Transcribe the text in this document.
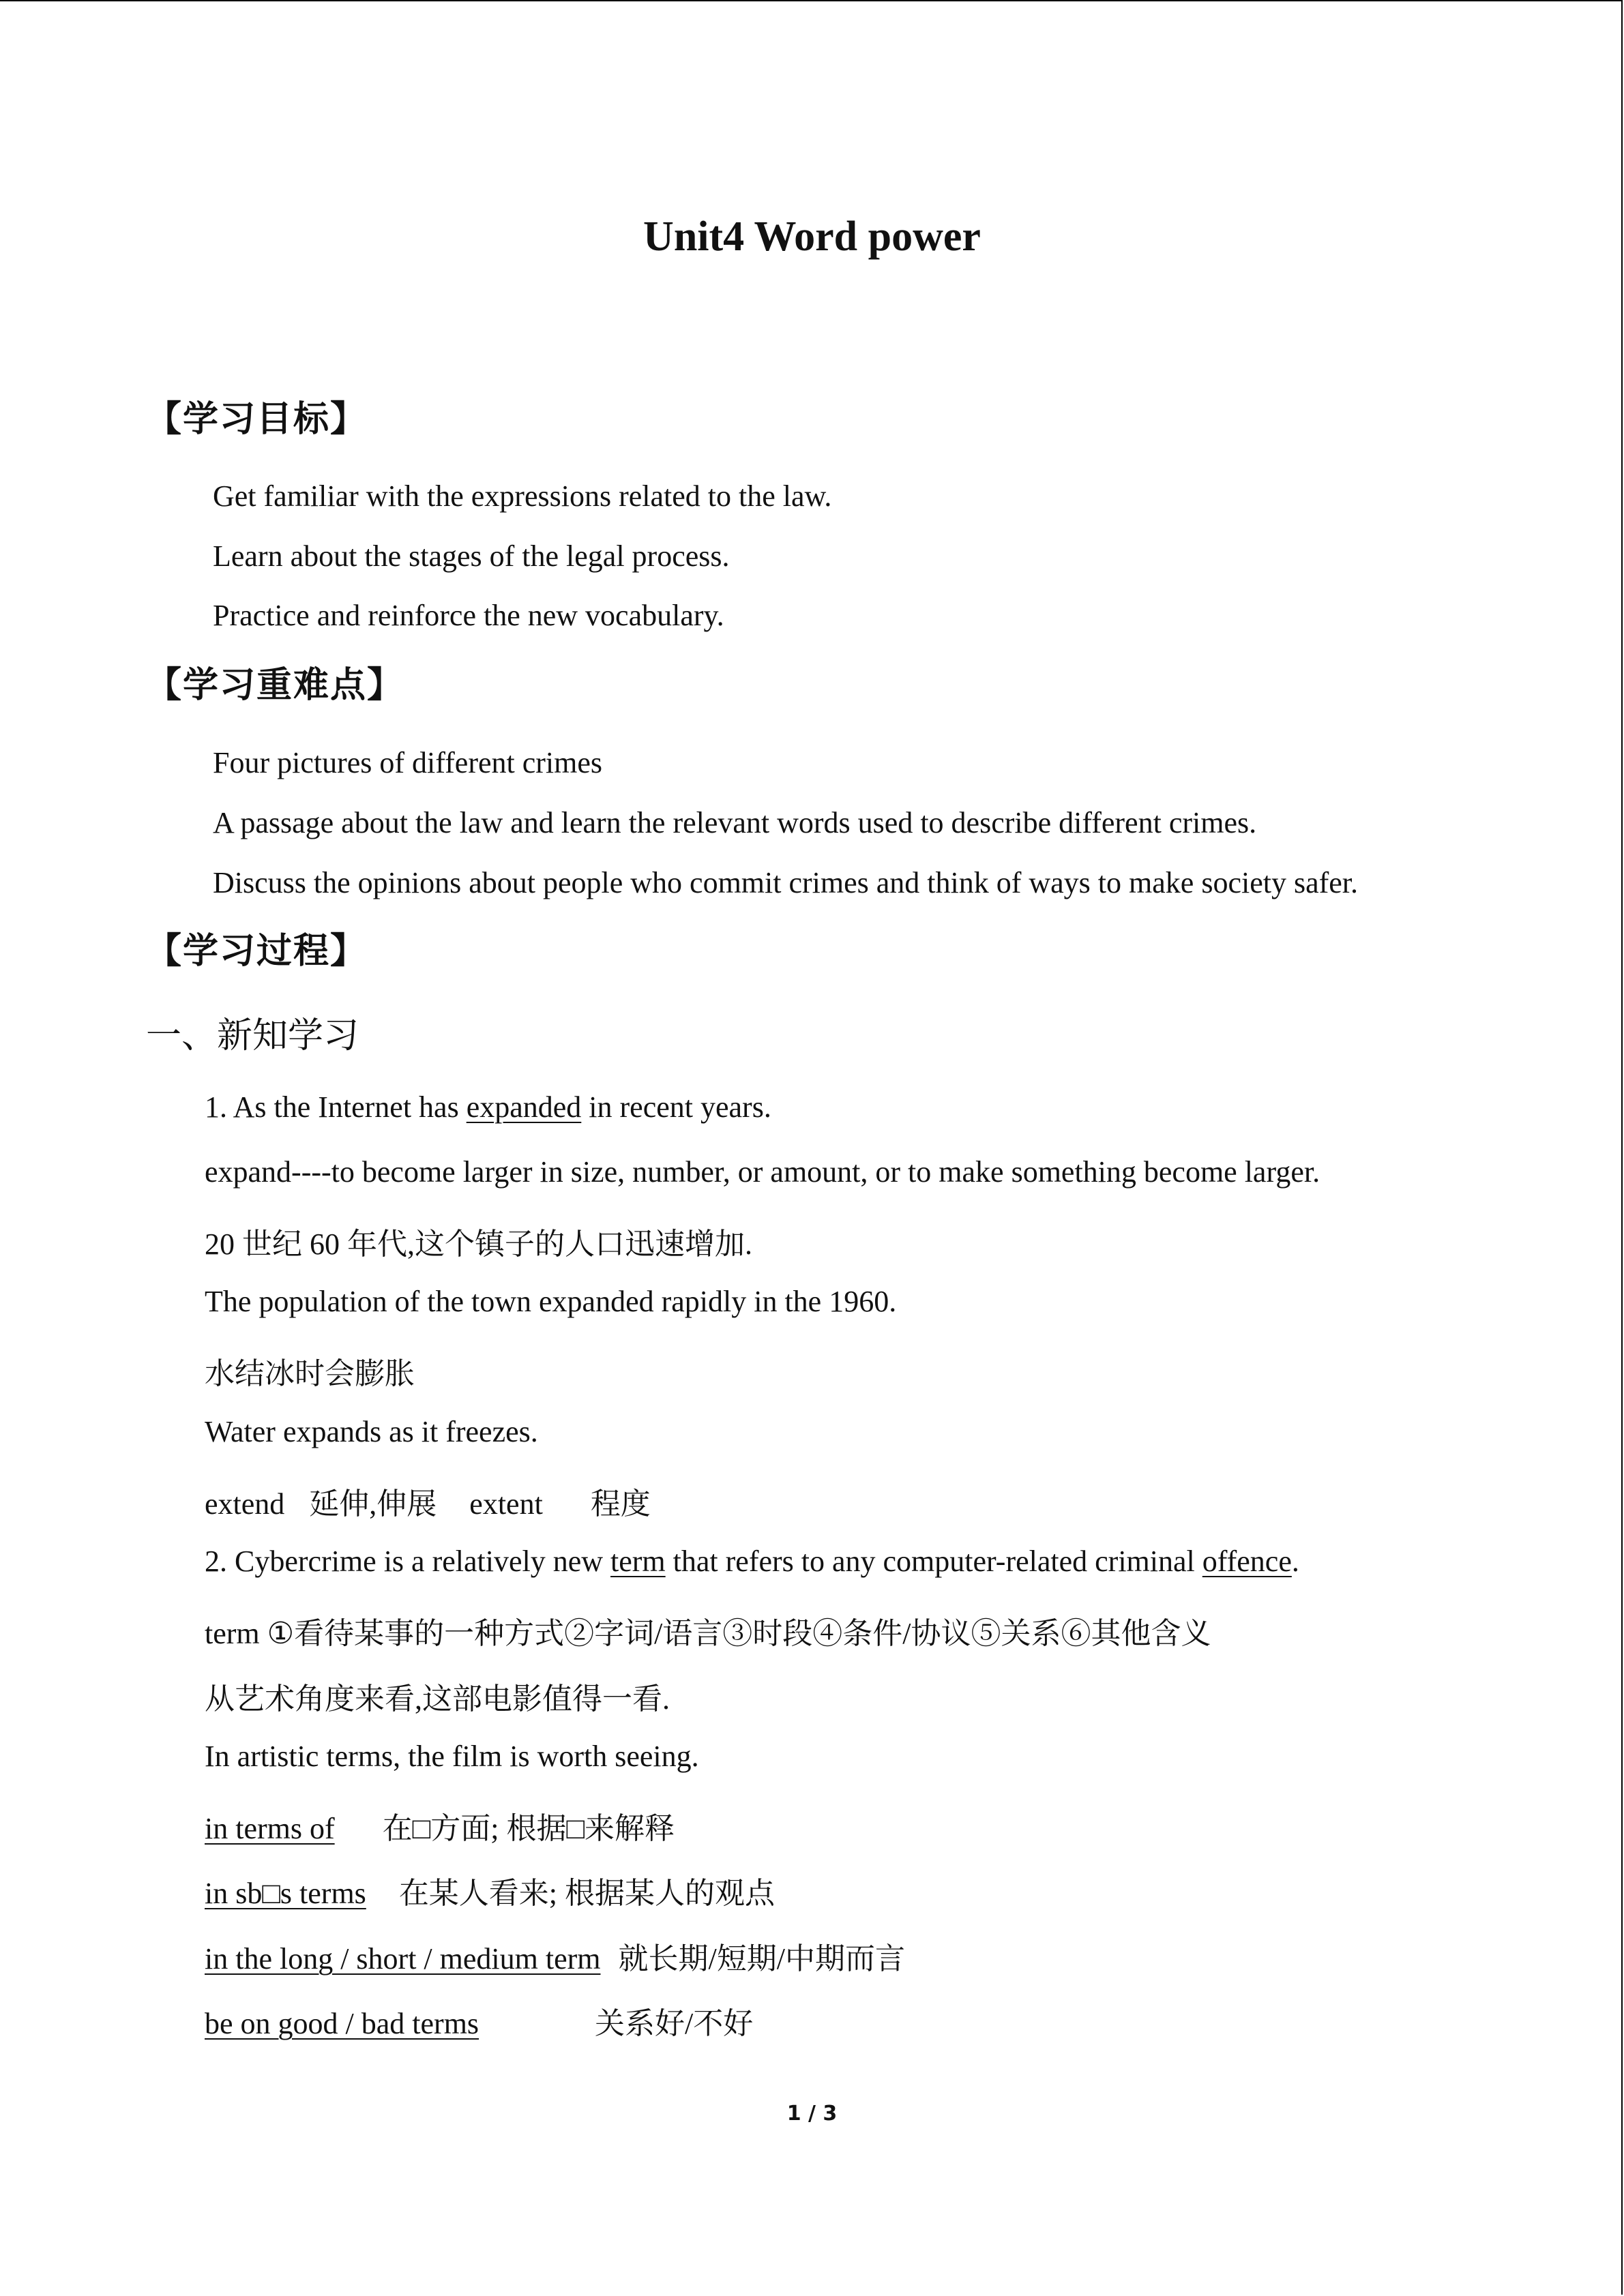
Unit4 Word power
【学习目标】
Get familiar with the expressions related to the law.
Learn about the stages of the legal process.
Practice and reinforce the new vocabulary.
【学习重难点】
Four pictures of different crimes
A passage about the law and learn the relevant words used to describe different crimes.
Discuss the opinions about people who commit crimes and think of ways to make society safer.
【学习过程】
一、新知学习
1. As the Internet has expanded in recent years.
expand----to become larger in size, number, or amount, or to make something become larger.
20 世纪 60 年代,这个镇子的人口迅速增加.
The population of the town expanded rapidly in the 1960.
水结冰时会膨胀
Water expands as it freezes.
extend 延伸,伸展 extent 程度
2. Cybercrime is a relatively new term that refers to any computer-related criminal offence.
term ①看待某事的一种方式②字词/语言③时段④条件/协议⑤关系⑥其他含义
从艺术角度来看,这部电影值得一看.
In artistic terms, the film is worth seeing.
in terms of 在□方面; 根据□来解释
in sb□s terms 在某人看来; 根据某人的观点
in the long / short / medium term 就长期/短期/中期而言
be on good / bad terms	关系好/不好
1 / 3
